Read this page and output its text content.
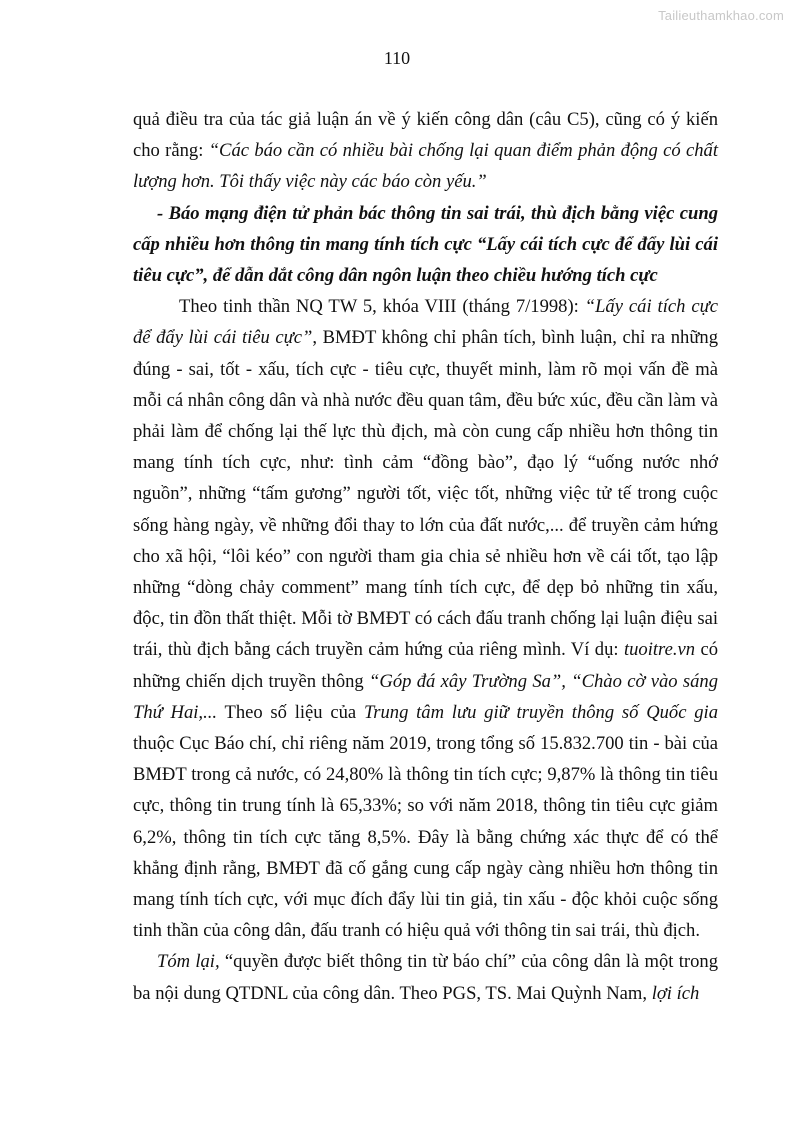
Tailieuthamkhao.com
110

quả điều tra của tác giả luận án về ý kiến công dân (câu C5), cũng có ý kiến cho rằng: “Các báo cần có nhiều bài chống lại quan điểm phản động có chất lượng hơn. Tôi thấy việc này các báo còn yếu.”

- Báo mạng điện tử phản bác thông tin sai trái, thù địch bằng việc cung cấp nhiều hơn thông tin mang tính tích cực “Lấy cái tích cực để đẩy lùi cái tiêu cực”, để dẫn dắt công dân ngôn luận theo chiều hướng tích cực

Theo tinh thần NQ TW 5, khóa VIII (tháng 7/1998): “Lấy cái tích cực để đẩy lùi cái tiêu cực”, BMĐT không chỉ phân tích, bình luận, chỉ ra những đúng - sai, tốt - xấu, tích cực - tiêu cực, thuyết minh, làm rõ mọi vấn đề mà mỗi cá nhân công dân và nhà nước đều quan tâm, đều bức xúc, đều cần làm và phải làm để chống lại thế lực thù địch, mà còn cung cấp nhiều hơn thông tin mang tính tích cực, như: tình cảm “đồng bào”, đạo lý “uống nước nhớ nguồn”, những “tấm gương” người tốt, việc tốt, những việc tử tế trong cuộc sống hàng ngày, về những đổi thay to lớn của đất nước,... để truyền cảm hứng cho xã hội, “lôi kéo” con người tham gia chia sẻ nhiều hơn về cái tốt, tạo lập những “dòng chảy comment” mang tính tích cực, để dẹp bỏ những tin xấu, độc, tin đồn thất thiệt. Mỗi tờ BMĐT có cách đấu tranh chống lại luận điệu sai trái, thù địch bằng cách truyền cảm hứng của riêng mình. Ví dụ: tuoitre.vn có những chiến dịch truyền thông “Góp đá xây Trường Sa”, “Chào cờ vào sáng Thứ Hai,... Theo số liệu của Trung tâm lưu giữ truyền thông số Quốc gia thuộc Cục Báo chí, chỉ riêng năm 2019, trong tổng số 15.832.700 tin - bài của BMĐT trong cả nước, có 24,80% là thông tin tích cực; 9,87% là thông tin tiêu cực, thông tin trung tính là 65,33%; so với năm 2018, thông tin tiêu cực giảm 6,2%, thông tin tích cực tăng 8,5%. Đây là bằng chứng xác thực để có thể khẳng định rằng, BMĐT đã cố gắng cung cấp ngày càng nhiều hơn thông tin mang tính tích cực, với mục đích đẩy lùi tin giả, tin xấu - độc khỏi cuộc sống tinh thần của công dân, đấu tranh có hiệu quả với thông tin sai trái, thù địch.

Tóm lại, “quyền được biết thông tin từ báo chí” của công dân là một trong ba nội dung QTDNL của công dân. Theo PGS, TS. Mai Quỳnh Nam, lợi ích
